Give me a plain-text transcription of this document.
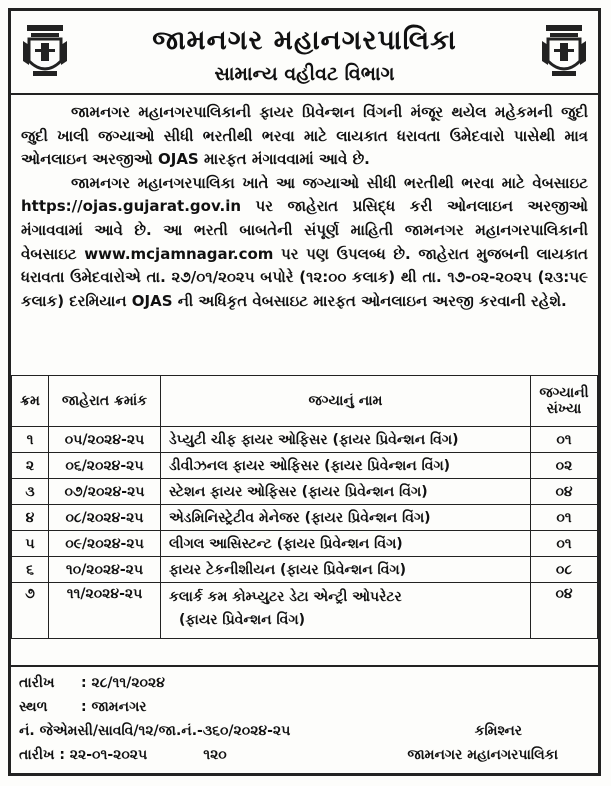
જામનગર મહાનગરપાલિકા
સામાન્ય વહીવટ વિભાગ

જામનગર મહાનગરપાલિકાની ફાયર પ્રિવેન્શન વિંગની મંજૂર થયેલ મહેકમની જુદી જુદી ખાલી જગ્યાઓ સીધી ભરતીથી ભરવા માટે લાયકાત ધરાવતા ઉમેદવારો પાસેથી માત્ર ઓનલાઇન અરજીઓ OJAS મારફત મંગાવવામાં આવે છે.

જામનગર મહાનગરપાલિકા ખાતે આ જગ્યાઓ સીધી ભરતીથી ભરવા માટે વેબસાઇટ https://ojas.gujarat.gov.in પર જાહેરાત પ્રસિદ્ધ કરી ઓનલાઇન અરજીઓ મંગાવવામાં આવે છે. આ ભરતી બાબતેની સંપૂર્ણ માહિતી જામનગર મહાનગરપાલિકાની વેબસાઇટ www.mcjamnagar.com પર પણ ઉપલબ્ધ છે. જાહેરાત મુજબની લાયકાત ધરાવતા ઉમેદવારોએ તા. ૨૭/૦૧/૨૦૨૫ બપોરે (૧૨:૦૦ કલાક) થી તા. ૧૭-૦૨-૨૦૨૫ (૨૩:૫૯ કલાક) દરમિયાન OJAS ની અધિકૃત વેબસાઇટ મારફત ઓનલાઇન અરજી કરવાની રહેશે.

ક્રમ	જાહેરાત ક્રમાંક	જગ્યાનું નામ	જગ્યાની સંખ્યા
૧	૦૫/૨૦૨૪-૨૫	ડેપ્યુટી ચીફ ફાયર ઓફિસર (ફાયર પ્રિવેન્શન વિંગ)	૦૧
૨	૦૬/૨૦૨૪-૨૫	ડીવીઝનલ ફાયર ઓફિસર (ફાયર પ્રિવેન્શન વિંગ)	૦૨
૩	૦૭/૨૦૨૪-૨૫	સ્ટેશન ફાયર ઓફિસર (ફાયર પ્રિવેન્શન વિંગ)	૦૪
૪	૦૮/૨૦૨૪-૨૫	એડમિનિસ્ટ્રેટીવ મેનેજર (ફાયર પ્રિવેન્શન વિંગ)	૦૧
૫	૦૯/૨૦૨૪-૨૫	લીગલ આસિસ્ટન્ટ (ફાયર પ્રિવેન્શન વિંગ)	૦૧
૬	૧૦/૨૦૨૪-૨૫	ફાયર ટેકનીશીયન (ફાયર પ્રિવેન્શન વિંગ)	૦૮
૭	૧૧/૨૦૨૪-૨૫	કલાર્ક કમ કોમ્પ્યુટર ડેટા એન્ટ્રી ઓપરેટર
(ફાયર પ્રિવેન્શન વિંગ)	૦૪
તારીખ : ૨૮/૧૧/૨૦૨૪
સ્થળ : જામનગર
નં. જેએમસી/સાવવિ/૧૨/જા.નં.-૩૬૦/૨૦૨૪-૨૫
તારીખ : ૨૨-૦૧-૨૦૨૫	૧૨૦
કમિશ્નર
જામનગર મહાનગરપાલિકા
